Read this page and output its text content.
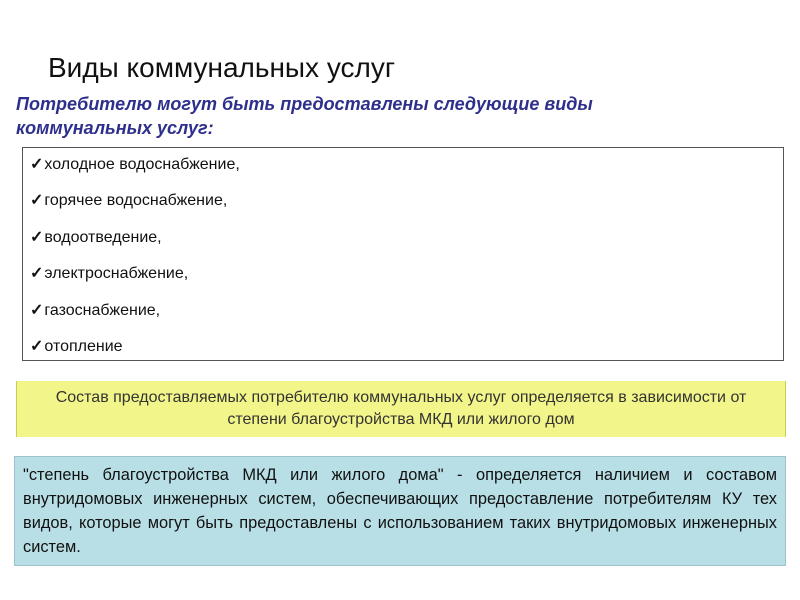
Виды коммунальных услуг
Потребителю могут быть предоставлены следующие виды коммунальных услуг:
✓холодное водоснабжение,
✓горячее водоснабжение,
✓водоотведение,
✓электроснабжение,
✓газоснабжение,
✓отопление
Состав предоставляемых потребителю коммунальных услуг определяется в зависимости от степени благоустройства МКД или жилого дом
"степень благоустройства МКД или жилого дома" - определяется наличием и составом внутридомовых инженерных систем, обеспечивающих предоставление потребителям КУ тех видов, которые могут быть предоставлены с использованием таких внутридомовых инженерных систем.
